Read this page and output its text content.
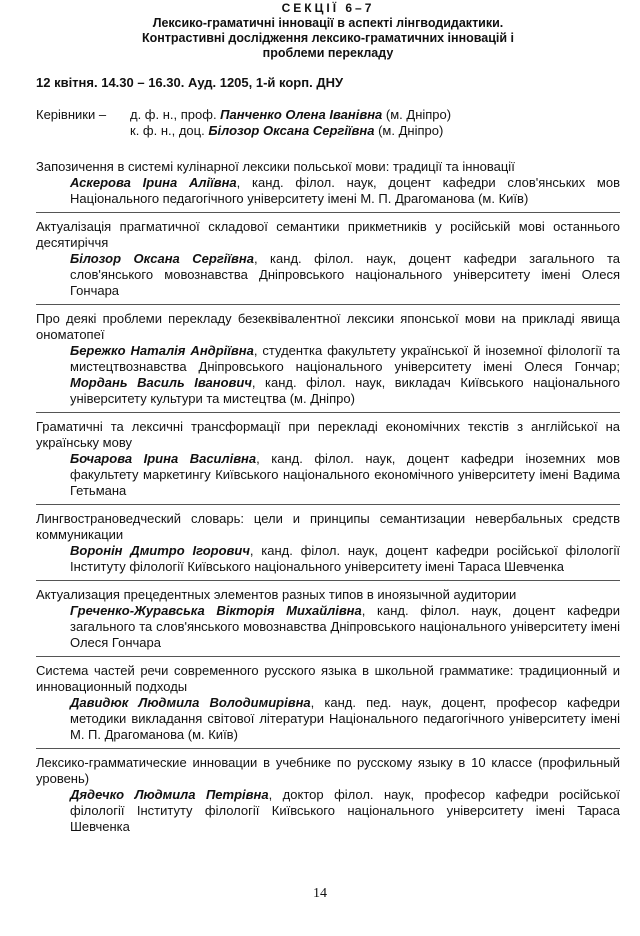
СЕКЦІЇ 6–7
Лексико-граматичні інновації в аспекті лінгводидактики.
Контрастивні дослідження лексико-граматичних інновацій і
проблеми перекладу
12 квітня. 14.30 – 16.30. Ауд. 1205, 1-й корп. ДНУ
Керівники –	д. ф. н., проф. Панченко Олена Іванівна (м. Дніпро)
к. ф. н., доц. Білозор Оксана Сергіївна (м. Дніпро)
Запозичення в системі кулінарної лексики польської мови: традиції та інновації
Аскерова Ірина Аліївна, канд. філол. наук, доцент кафедри слов'янських мов Національного педагогічного університету імені М. П. Драгоманова (м. Київ)
Актуалізація прагматичної складової семантики прикметників у російській мові останнього десятиріччя
Білозор Оксана Сергіївна, канд. філол. наук, доцент кафедри загального та слов'янського мовознавства Дніпровського національного університету імені Олеся Гончара
Про деякі проблеми перекладу безеквівалентної лексики японської мови на прикладі явища ономатопеї
Бережко Наталія Андріївна, студентка факультету української й іноземної філології та мистецтвознавства Дніпровського національного університету імені Олеся Гончар; Мордань Василь Іванович, канд. філол. наук, викладач Київського національного університету культури та мистецтва (м. Дніпро)
Граматичні та лексичні трансформації при перекладі економічних текстів з англійської на українську мову
Бочарова Ірина Василівна, канд. філол. наук, доцент кафедри іноземних мов факультету маркетингу Київського національного економічного університету імені Вадима Гетьмана
Лингвострановедческий словарь: цели и принципы семантизации невербальных средств коммуникации
Воронін Дмитро Ігорович, канд. філол. наук, доцент кафедри російської філології Інституту філології Київського національного університету імені Тараса Шевченка
Актуализация прецедентных элементов разных типов в иноязычной аудитории
Греченко-Журавська Вікторія Михайлівна, канд. філол. наук, доцент кафедри загального та слов'янського мовознавства Дніпровського національного університету імені Олеся Гончара
Система частей речи современного русского языка в школьной грамматике: традиционный и инновационный подходы
Давидюк Людмила Володимирівна, канд. пед. наук, доцент, професор кафедри методики викладання світової літератури Національного педагогічного університету імені М. П. Драгоманова (м. Київ)
Лексико-грамматические инновации в учебнике по русскому языку в 10 классе (профильный уровень)
Дядечко Людмила Петрівна, доктор філол. наук, професор кафедри російської філології Інституту філології Київського національного університету імені Тараса Шевченка
14
